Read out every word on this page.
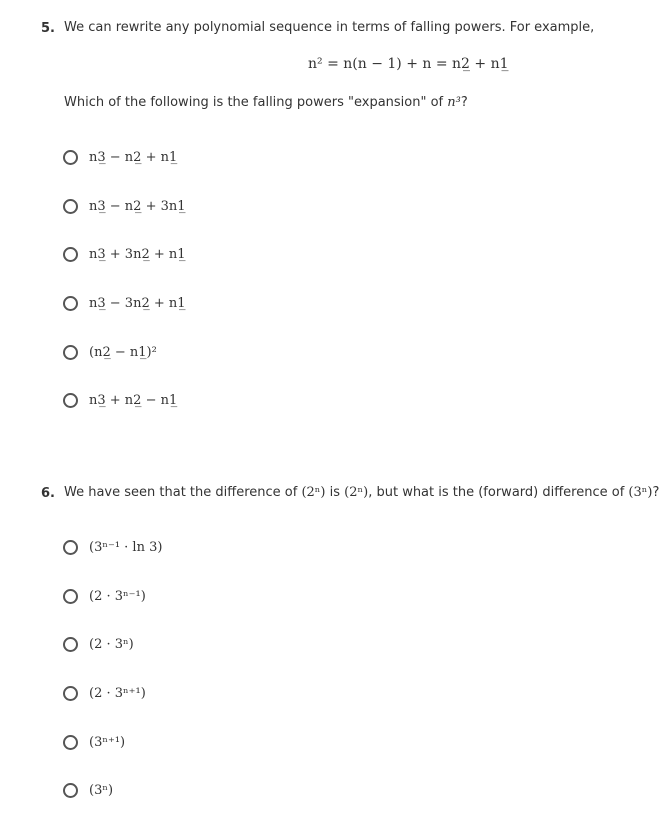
5. We can rewrite any polynomial sequence in terms of falling powers. For example,
n² = n(n − 1) + n = n2̲ + n1̲
Which of the following is the falling powers "expansion" of n³?
n3̲ − n2̲ + n1̲
n3̲ − n2̲ + 3n1̲
n3̲ + 3n2̲ + n1̲
n3̲ − 3n2̲ + n1̲
(n2̲ − n1̲)²
n3̲ + n2̲ − n1̲
6. We have seen that the difference of (2ⁿ) is (2ⁿ), but what is the (forward) difference of (3ⁿ)?
(3ⁿ⁻¹ · ln 3)
(2 · 3ⁿ⁻¹)
(2 · 3ⁿ)
(2 · 3ⁿ⁺¹)
(3ⁿ⁺¹)
(3ⁿ)
